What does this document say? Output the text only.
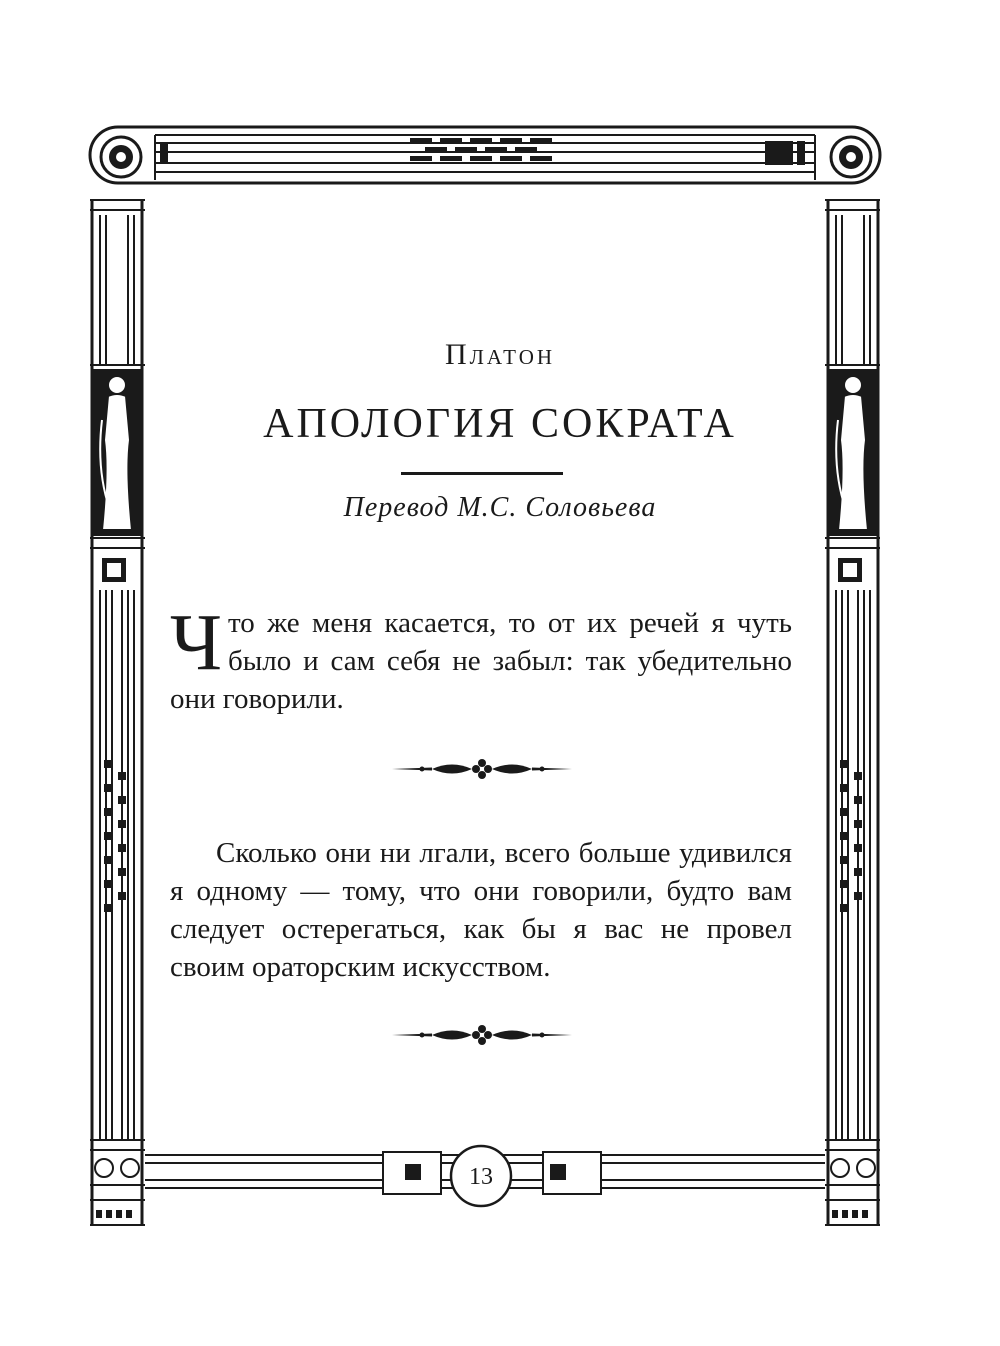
Платон
АПОЛОГИЯ СОКРАТА
Перевод М.С. Соловьева
Что же меня касается, то от их речей я чуть было и сам себя не забыл: так убедительно они говорили.
Сколько они ни лгали, всего больше удивился я одному — тому, что они говорили, будто вам следует остерегаться, как бы я вас не провел своим ораторским искусством.
13
